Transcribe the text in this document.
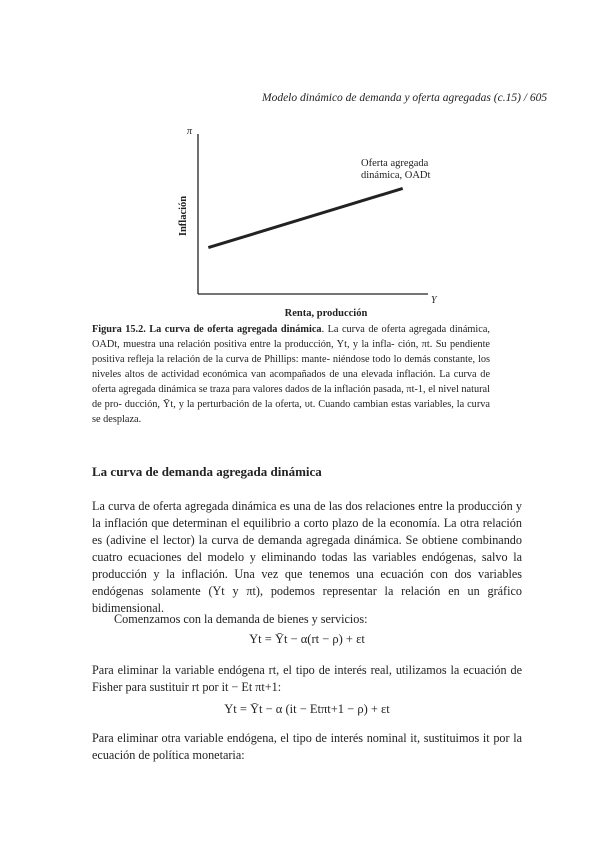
Modelo dinámico de demanda y oferta agregadas (c.15) / 605
π
Y
Inflación
Renta, producción
Oferta agregada
dinámica, OADt
Figura 15.2. La curva de oferta agregada dinámica. La curva de oferta agregada dinámica, OADt, muestra una relación positiva entre la producción, Yt, y la infla- ción, πt. Su pendiente positiva refleja la relación de la curva de Phillips: mante- niéndose todo lo demás constante, los niveles altos de actividad económica van acompañados de una elevada inflación. La curva de oferta agregada dinámica se traza para valores dados de la inflación pasada, πt-1, el nivel natural de pro- ducción, Ȳt, y la perturbación de la oferta, υt. Cuando cambian estas variables, la curva se desplaza.
La curva de demanda agregada dinámica
La curva de oferta agregada dinámica es una de las dos relaciones entre la producción y la inflación que determinan el equilibrio a corto plazo de la economía. La otra relación es (adivine el lector) la curva de demanda agregada dinámica. Se obtiene combinando cuatro ecuaciones del modelo y eliminando todas las variables endógenas, salvo la producción y la inflación. Una vez que tenemos una ecuación con dos variables endógenas solamente (Yt y πt), podemos representar la relación en un gráfico bidimensional.
Comenzamos con la demanda de bienes y servicios:
Yt = Ȳt − α(rt − ρ) + εt
Para eliminar la variable endógena rt, el tipo de interés real, utilizamos la ecuación de Fisher para sustituir rt por it − Et πt+1:
Yt = Ȳt − α (it − Etπt+1 − ρ) + εt
Para eliminar otra variable endógena, el tipo de interés nominal it, sustituimos it por la ecuación de política monetaria:
